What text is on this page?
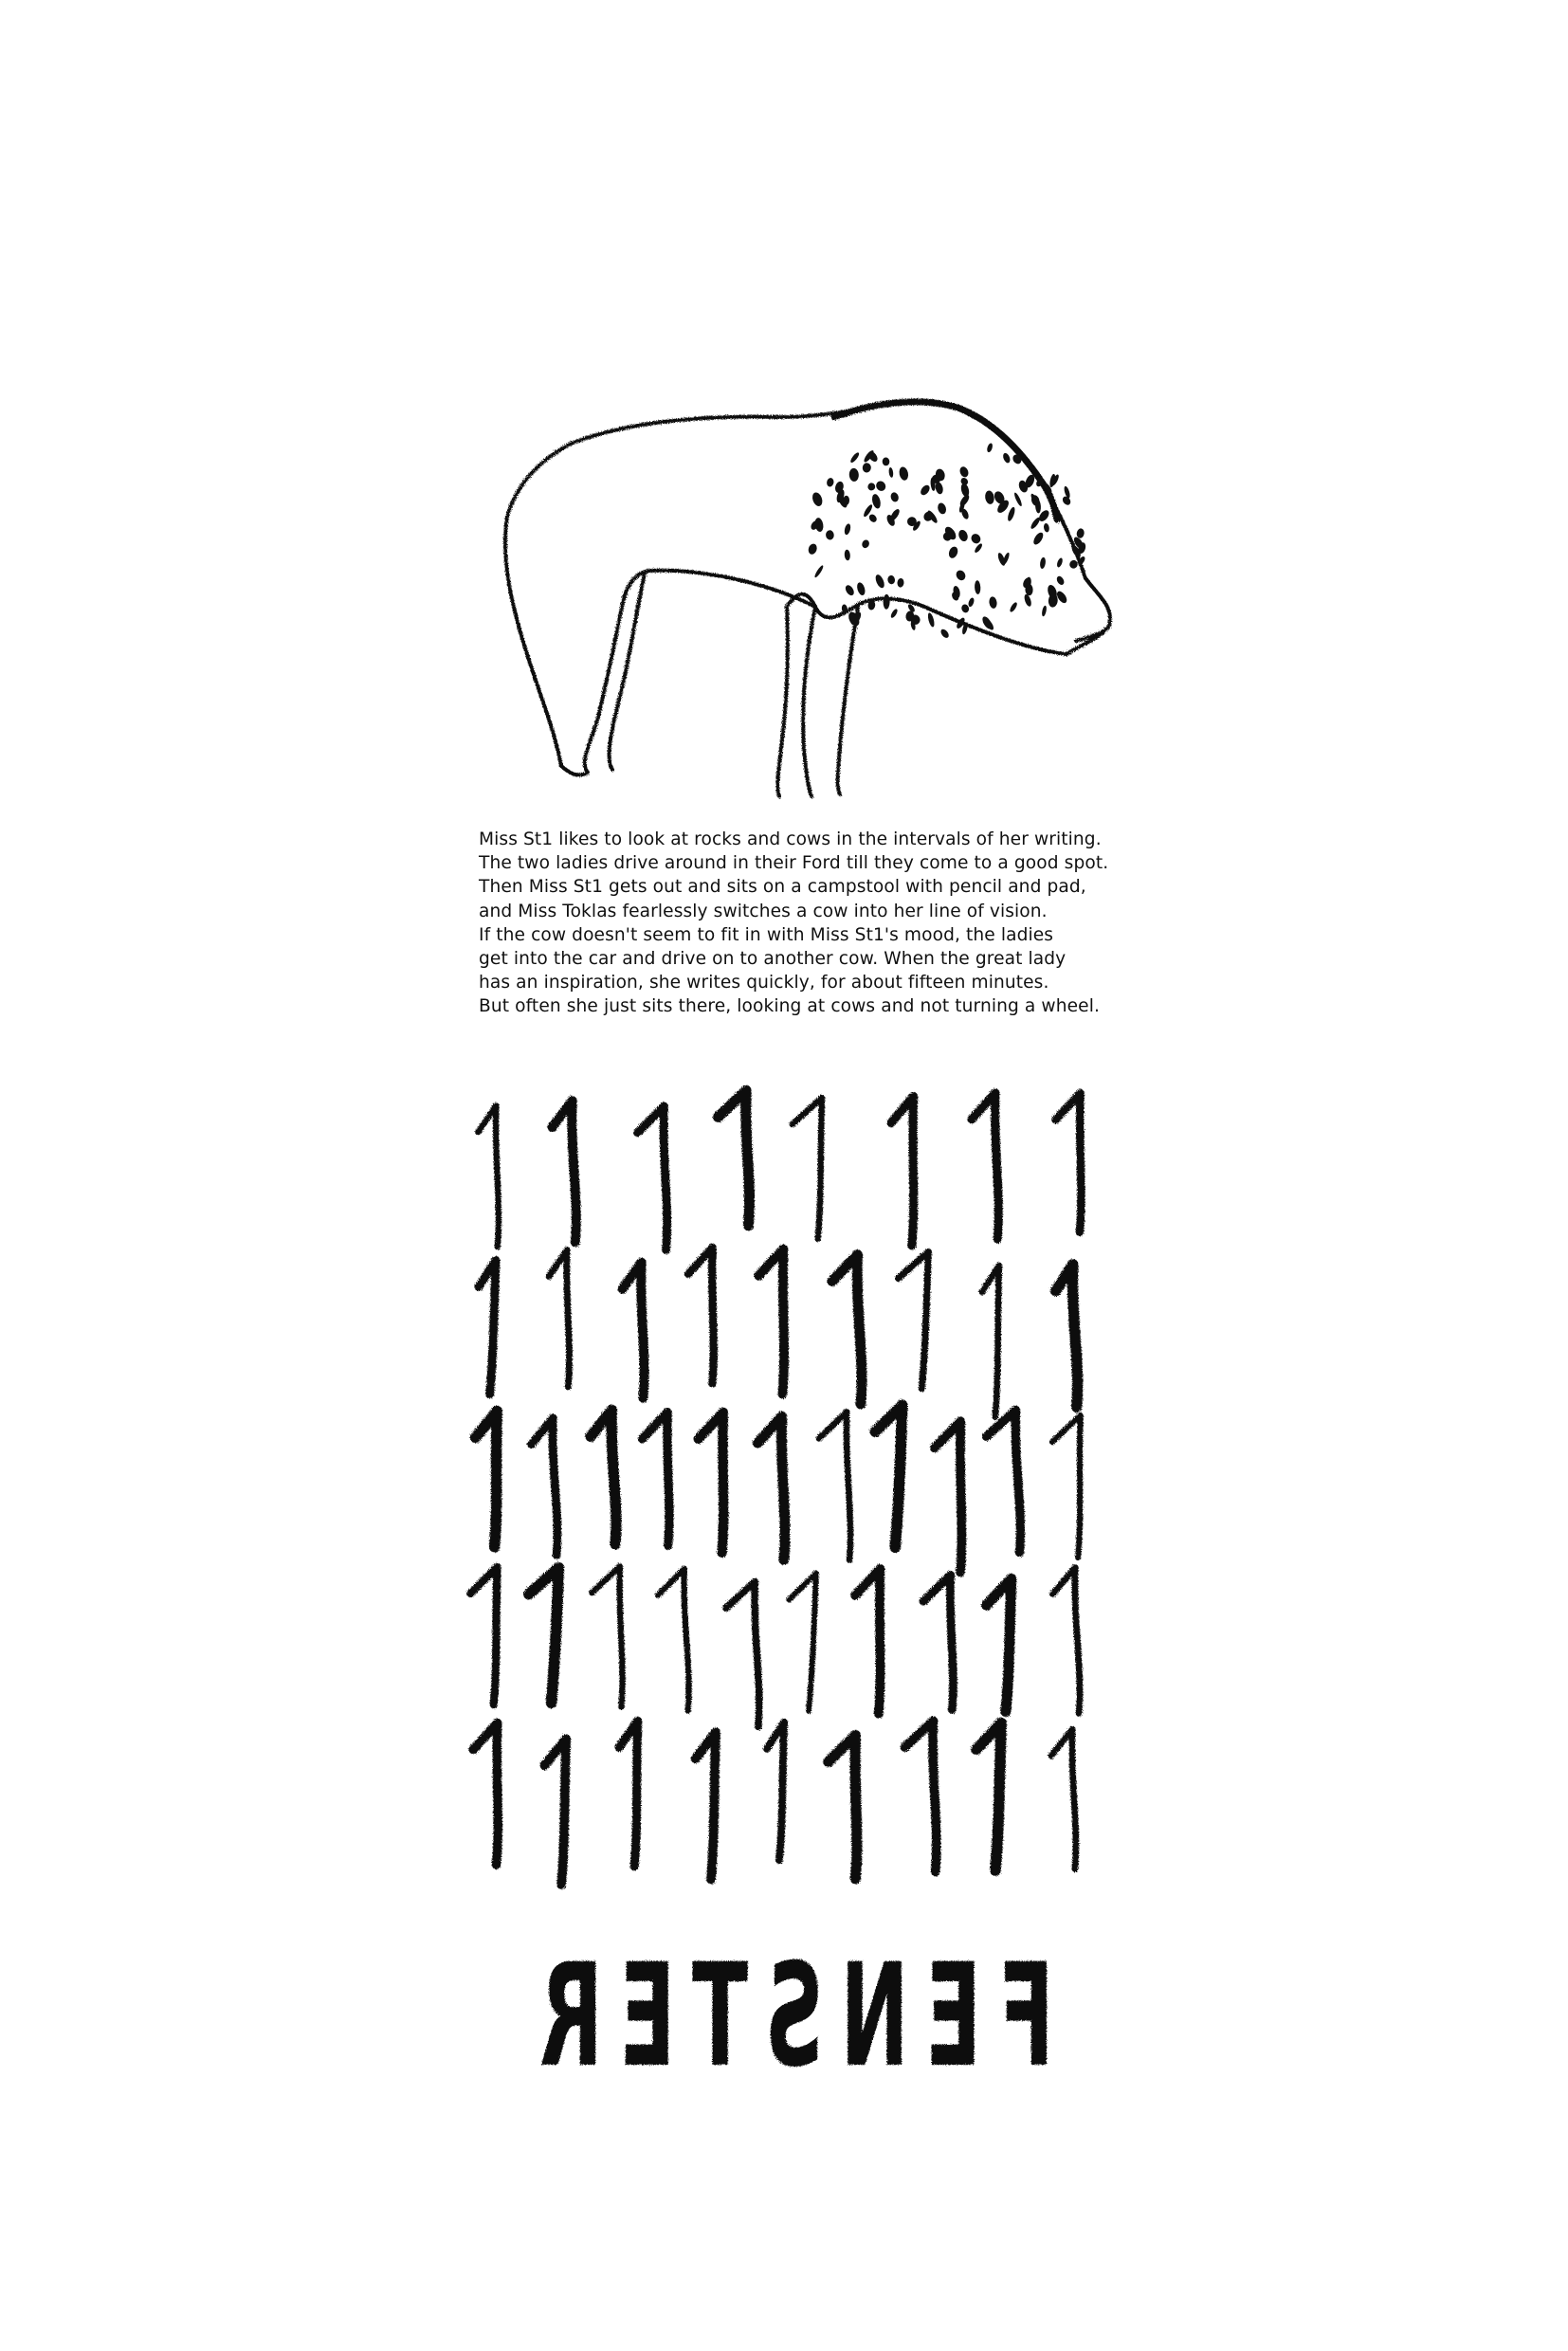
FENSTER
Miss St1 likes to look at rocks and cows in the intervals of her writing.
The two ladies drive around in their Ford till they come to a good spot.
Then Miss St1 gets out and sits on a campstool with pencil and pad,
and Miss Toklas fearlessly switches a cow into her line of vision.
If the cow doesn't seem to fit in with Miss St1's mood, the ladies
get into the car and drive on to another cow. When the great lady
has an inspiration, she writes quickly, for about fifteen minutes.
But often she just sits there, looking at cows and not turning a wheel.
